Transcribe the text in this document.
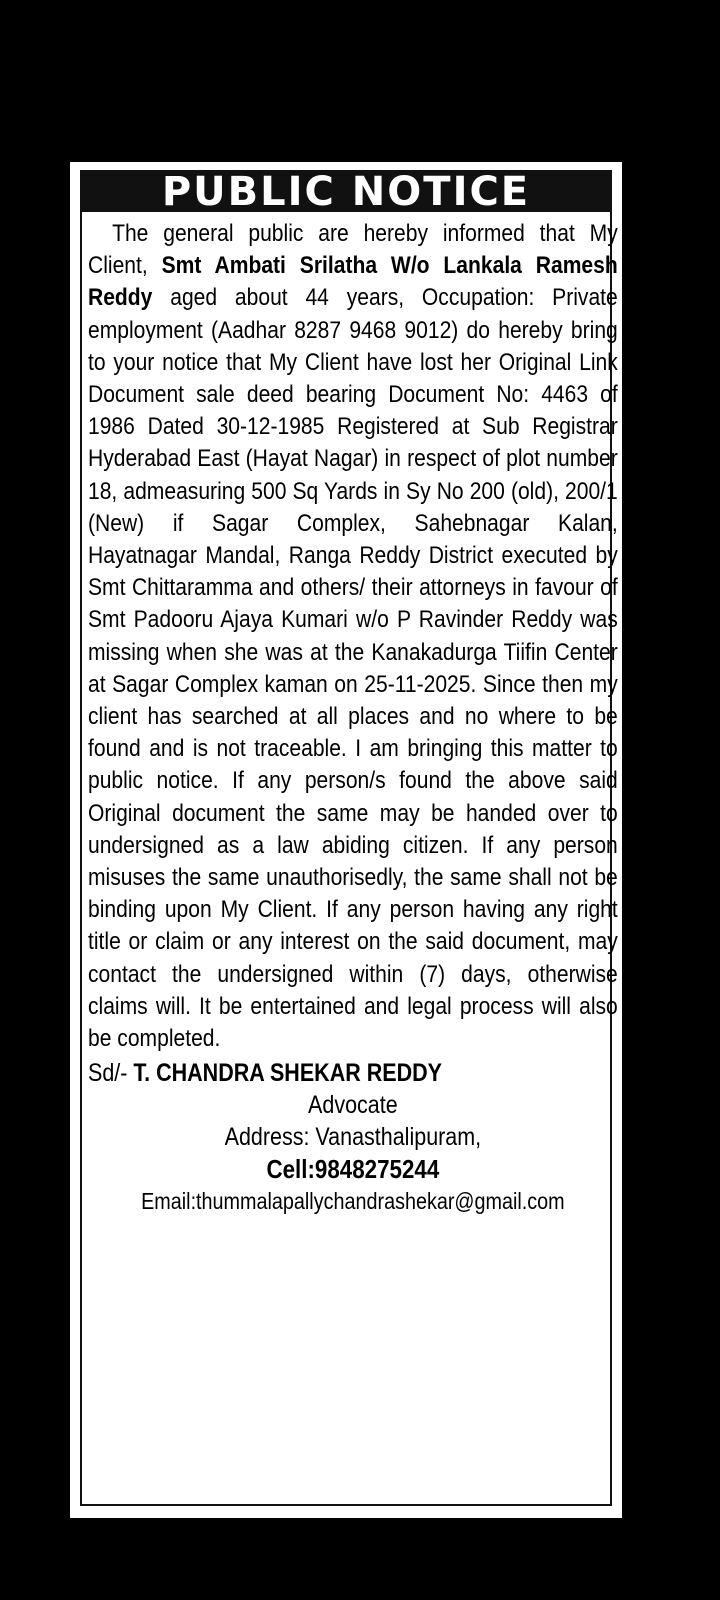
PUBLIC NOTICE

The general public are hereby informed that My Client, Smt Ambati Srilatha W/o Lankala Ramesh Reddy aged about 44 years, Occupation: Private employment (Aadhar 8287 9468 9012) do hereby bring to your notice that My Client have lost her Original Link Document sale deed bearing Document No: 4463 of 1986 Dated 30-12-1985 Registered at Sub Registrar Hyderabad East (Hayat Nagar) in respect of plot number 18, admeasuring 500 Sq Yards in Sy No 200 (old), 200/1 (New) if Sagar Complex, Sahebnagar Kalan, Hayatnagar Mandal, Ranga Reddy District executed by Smt Chittaramma and others/ their attorneys in favour of Smt Padooru Ajaya Kumari w/o P Ravinder Reddy was missing when she was at the Kanakadurga Tiifin Center at Sagar Complex kaman on 25-11-2025. Since then my client has searched at all places and no where to be found and is not traceable. I am bringing this matter to public notice. If any person/s found the above said Original document the same may be handed over to undersigned as a law abiding citizen. If any person misuses the same unauthorisedly, the same shall not be binding upon My Client. If any person having any right title or claim or any interest on the said document, may contact the undersigned within (7) days, otherwise claims will. It be entertained and legal process will also be completed.

Sd/- T. CHANDRA SHEKAR REDDY
Advocate
Address: Vanasthalipuram,
Cell:9848275244
Email:thummalapallychandrashekar@gmail.com
